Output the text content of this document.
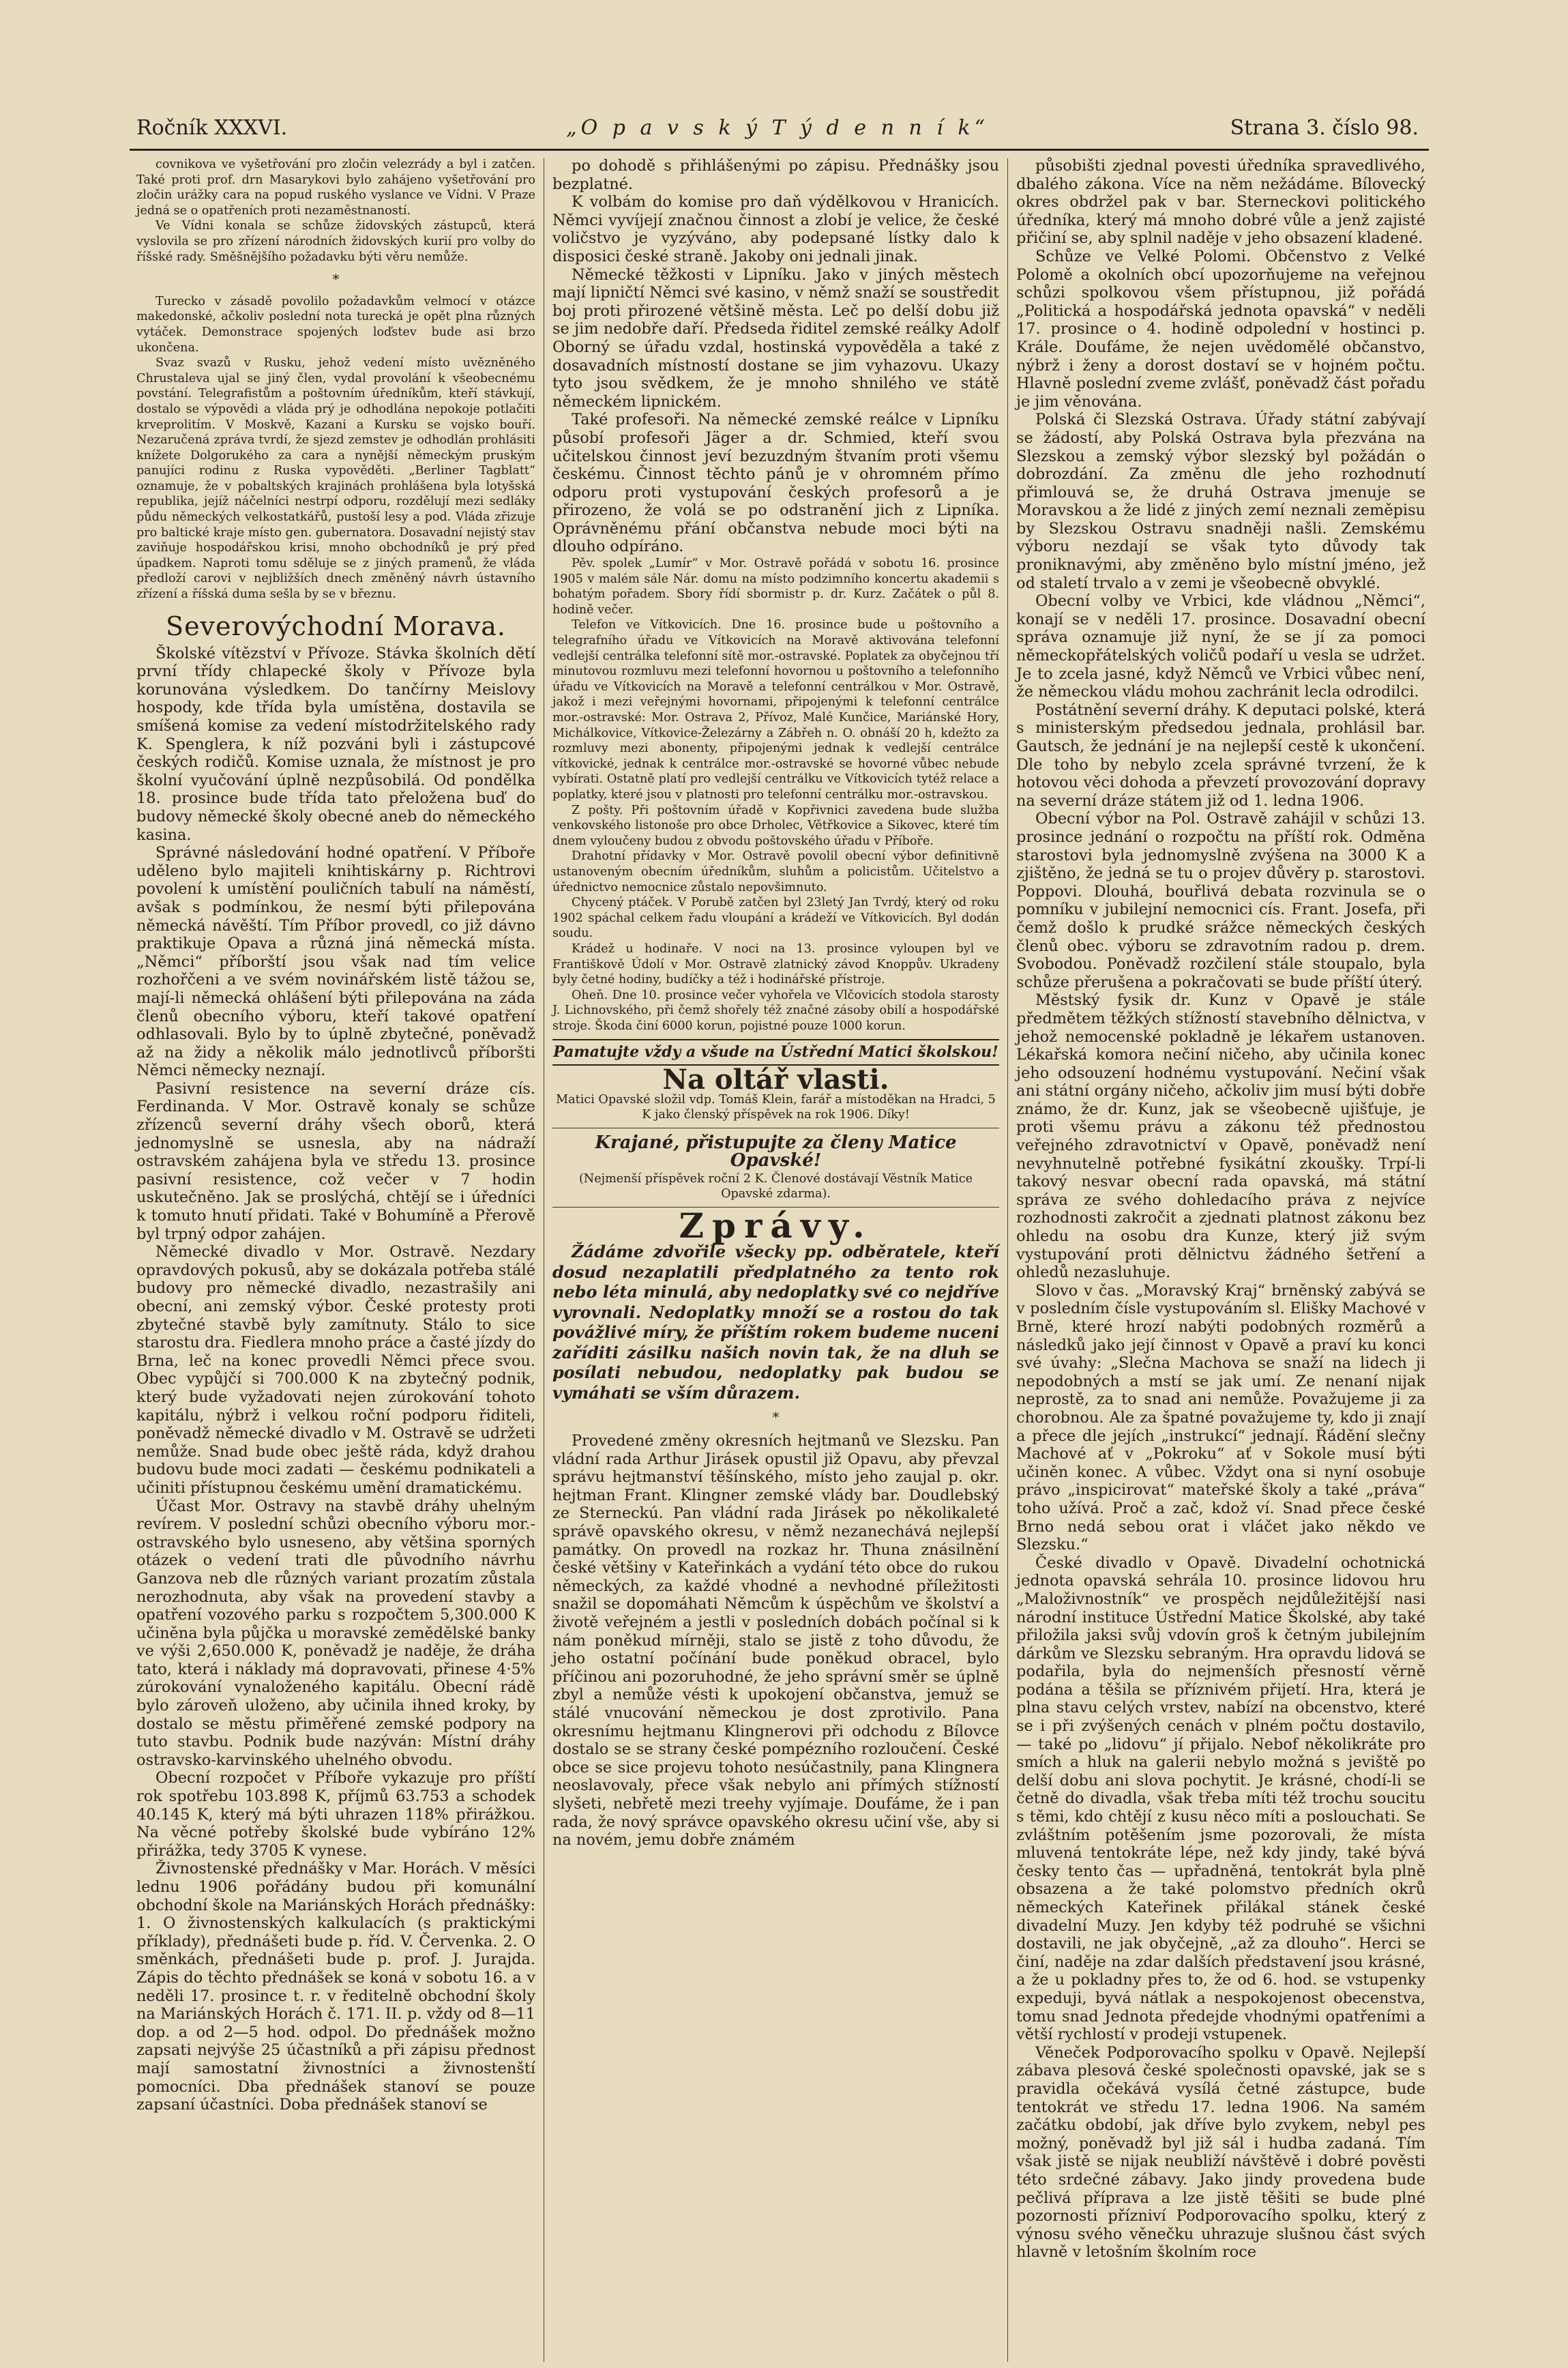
Ročník XXXVI.	„O p a v s k ý T ý d e n n í k“	Strana 3. číslo 98.

covnikova ve vyšetřování pro zločin velezrády a byl i zatčen. Také proti prof. drn Masarykovi bylo zahájeno vyšetřování pro zločin urážky cara na popud ruského vyslance ve Vídni. V Praze jedná se o opatřeních proti nezaměstnaností.

Ve Vídni konala se schůze židovských zástupců, která vyslovila se pro zřízení národních židovských kurií pro volby do říšské rady. Směšnějšího požadavku býti věru nemůže.

*

Turecko v zásadě povolilo požadavkům velmocí v otázce makedonské, ačkoliv poslední nota turecká je opět plna různých vytáček. Demonstrace spojených loďstev bude asi brzo ukončena.

Svaz svazů v Rusku, jehož vedení místo uvězněného Chrustaleva ujal se jiný člen, vydal provolání k všeobecnému povstání. Telegrafistům a poštovním úředníkům, kteří stávkují, dostalo se výpovědi a vláda prý je odhodlána nepokoje potlačiti krveprolitím. V Moskvě, Kazani a Kursku se vojsko bouří. Nezaručená zpráva tvrdí, že sjezd zemstev je odhodlán prohlásiti knížete Dolgorukého za cara a nynější německým pruským panujíci rodinu z Ruska vypověděti. „Berliner Tagblatt“ oznamuje, že v pobaltských krajinách prohlášena byla lotyšská republika, jejíž náčelníci nestrpí odporu, rozdělují mezi sedláky půdu německých velkostatkářů, pustoší lesy a pod. Vláda zřizuje pro baltické kraje místo gen. gubernatora. Dosavadní nejistý stav zaviňuje hospodářskou krisi, mnoho obchodníků je prý před úpadkem. Naproti tomu sděluje se z jiných pramenů, že vláda předloží carovi v nejbližších dnech změněný návrh ústavního zřízení a říšská duma sešla by se v březnu.

Severovýchodní Morava.

Školské vítězství v Přívoze. Stávka školních dětí první třídy chlapecké školy v Přívoze byla korunována výsledkem. Do tančírny Meislovy hospody, kde třída byla umístěna, dostavila se smíšená komise za vedení místodržitelského rady K. Spenglera, k níž pozváni byli i zástupcové českých rodičů. Komise uznala, že místnost je pro školní vyučování úplně nezpůsobilá. Od pondělka 18. prosince bude třída tato přeložena buď do budovy německé školy obecné aneb do německého kasina.

Správné následování hodné opatření. V Příboře uděleno bylo majiteli knihtiskárny p. Richtrovi povolení k umístění pouličních tabulí na náměstí, avšak s podmínkou, že nesmí býti přilepována německá návěští. Tím Příbor provedl, co již dávno praktikuje Opava a různá jiná německá místa. „Němci“ příborští jsou však nad tím velice rozhořčeni a ve svém novinářském listě tážou se, mají-li německá ohlášení býti přilepována na záda členů obecního výboru, kteří takové opatření odhlasovali. Bylo by to úplně zbytečné, poněvadž až na židy a několik málo jednotlivců příboršti Němci německy neznají.

Pasivní resistence na severní dráze cís. Ferdinanda. V Mor. Ostravě konaly se schůze zřízenců severní dráhy všech oborů, která jednomyslně se usnesla, aby na nádraží ostravském zahájena byla ve středu 13. prosince pasivní resistence, což večer v 7 hodin uskutečněno. Jak se proslýchá, chtějí se i úředníci k tomuto hnutí přidati. Také v Bohumíně a Přerově byl trpný odpor zahájen.

Německé divadlo v Mor. Ostravě. Nezdary opravdových pokusů, aby se dokázala potřeba stálé budovy pro německé divadlo, nezastrašily ani obecní, ani zemský výbor. České protesty proti zbytečné stavbě byly zamítnuty. Stálo to sice starostu dra. Fiedlera mnoho práce a časté jízdy do Brna, leč na konec provedli Němci přece svou. Obec vypůjčí si 700.000 K na zbytečný podnik, který bude vyžadovati nejen zúrokování tohoto kapitálu, nýbrž i velkou roční podporu řiditeli, poněvadž německé divadlo v M. Ostravě se udržeti nemůže. Snad bude obec ještě ráda, když drahou budovu bude moci zadati — českému podnikateli a učiniti přístupnou českému umění dramatickému.

Účast Mor. Ostravy na stavbě dráhy uhelným revírem. V poslední schůzi obecního výboru mor.-ostravského bylo usneseno, aby většina sporných otázek o vedení trati dle původního návrhu Ganzova neb dle různých variant prozatím zůstala nerozhodnuta, aby však na provedení stavby a opatření vozového parku s rozpočtem 5,300.000 K učiněna byla půjčka u moravské zemědělské banky ve výši 2,650.000 K, poněvadž je naděje, že dráha tato, která i náklady má dopravovati, přinese 4·5% zúrokování vynaloženého kapitálu. Obecní rádě bylo zároveň uloženo, aby učinila ihned kroky, by dostalo se městu přiměřené zemské podpory na tuto stavbu. Podnik bude nazýván: Místní dráhy ostravsko-karvinského uhelného obvodu.

Obecní rozpočet v Příboře vykazuje pro příští rok spotřebu 103.898 K, příjmů 63.753 a schodek 40.145 K, který má býti uhrazen 118% přirážkou. Na věcné potřeby školské bude vybíráno 12% přirážka, tedy 3705 K vynese.

Živnostenské přednášky v Mar. Horách. V měsíci lednu 1906 pořádány budou při komunální obchodní škole na Mariánských Horách přednášky: 1. O živnostenských kalkulacích (s praktickými příklady), přednášeti bude p. říd. V. Červenka. 2. O směnkách, přednášeti bude p. prof. J. Jurajda. Zápis do těchto přednášek se koná v sobotu 16. a v neděli 17. prosince t. r. v ředitelně obchodní školy na Mariánských Horách č. 171. II. p. vždy od 8—11 dop. a od 2—5 hod. odpol. Do přednášek možno zapsati nejvýše 25 účastníků a při zápisu přednost mají samostatní živnostníci a živnostenští pomocníci. Dba přednášek stanoví se pouze zapsaní účastníci. Doba přednášek stanoví se

po dohodě s přihlášenými po zápisu. Přednášky jsou bezplatné.

K volbám do komise pro daň výdělkovou v Hranicích. Němci vyvíjejí značnou činnost a zlobí je velice, že české voličstvo je vyzýváno, aby podepsané lístky dalo k disposici české straně. Jakoby oni jednali jinak.

Německé těžkosti v Lipníku. Jako v jiných městech mají lipničtí Němci své kasino, v němž snaží se soustředit boj proti přirozené většině města. Leč po delší dobu již se jim nedobře daří. Předseda řiditel zemské reálky Adolf Oborný se úřadu vzdal, hostinská vypověděla a také z dosavadních místností dostane se jim vyhazovu. Ukazy tyto jsou svědkem, že je mnoho shnilého ve státě německém lipnickém.

Také profesoři. Na německé zemské reálce v Lipníku působí profesoři Jäger a dr. Schmied, kteří svou učitelskou činnost jeví bezuzdným štvaním proti všemu českému. Činnost těchto pánů je v ohromném přímo odporu proti vystupování českých profesorů a je přirozeno, že volá se po odstranění jich z Lipníka. Oprávněnému přání občanstva nebude moci býti na dlouho odpíráno.

Pěv. spolek „Lumír“ v Mor. Ostravě pořádá v sobotu 16. prosince 1905 v malém sále Nár. domu na místo podzimního koncertu akademii s bohatým pořadem. Sbory řídí sbormistr p. dr. Kurz. Začátek o půl 8. hodině večer.

Telefon ve Vítkovicích. Dne 16. prosince bude u poštovního a telegrafního úřadu ve Vítkovicích na Moravě aktivována telefonní vedlejší centrálka telefonní sítě mor.-ostravské. Poplatek za obyčejnou tří minutovou rozmluvu mezi telefonní hovornou u poštovního a telefonního úřadu ve Vítkovicích na Moravě a telefonní centrálkou v Mor. Ostravě, jakož i mezi veřejnými hovornami, připojenými k telefonní centrálce mor.-ostravské: Mor. Ostrava 2, Přívoz, Malé Kunčice, Mariánské Hory, Michálkovice, Vítkovice-Železárny a Zábřeh n. O. obnáší 20 h, kdežto za rozmluvy mezi abonenty, připojenými jednak k vedlejší centrálce vítkovické, jednak k centrálce mor.-ostravské se hovorné vůbec nebude vybírati. Ostatně platí pro vedlejší centrálku ve Vítkovicích tytéž relace a poplatky, které jsou v platnosti pro telefonní centrálku mor.-ostravskou.

Z pošty. Při poštovním úřadě v Kopřivnici zavedena bude služba venkovského listonoše pro obce Drholec, Větřkovice a Sikovec, které tím dnem vyloučeny budou z obvodu poštovského úřadu v Příboře.

Drahotní přídavky v Mor. Ostravě povolil obecní výbor definitivně ustanoveným obecním úředníkům, sluhům a policistům. Učitelstvo a úřednictvo nemocnice zůstalo nepovšimnuto.

Chycený ptáček. V Porubě zatčen byl 23letý Jan Tvrdý, který od roku 1902 spáchal celkem řadu vloupání a krádeží ve Vítkovicích. Byl dodán soudu.

Krádež u hodinaře. V noci na 13. prosince vyloupen byl ve Františkově Údolí v Mor. Ostravě zlatnický závod Knoppův. Ukradeny byly četné hodiny, budíčky a též i hodinářské přístroje.

Oheň. Dne 10. prosince večer vyhořela ve Vlčovicích stodola starosty J. Lichnovského, při čemž shořely též značné zásoby obilí a hospodářské stroje. Škoda činí 6000 korun, pojistné pouze 1000 korun.

Pamatujte vždy a všude na Ústřední Matici školskou!
Na oltář vlasti.
Matici Opavské složil vdp. Tomáš Klein, farář a místoděkan na Hradci, 5 K jako členský příspěvek na rok 1906. Díky!
Krajané, přistupujte za členy Matice Opavské!
(Nejmenší příspěvek roční 2 K. Členové dostávají Věstník Matice Opavské zdarma).
Zprávy.

Žádáme zdvořile všecky pp. odběratele, kteří dosud nezaplatili předplatného za tento rok nebo léta minulá, aby nedoplatky své co nejdříve vyrovnali. Nedoplatky množí se a rostou do tak povážlivé míry, že příštím rokem budeme nuceni zaříditi zásilku našich novin tak, že na dluh se posílati nebudou, nedoplatky pak budou se vymáhati se vším důrazem.

*

Provedené změny okresních hejtmanů ve Slezsku. Pan vládní rada Arthur Jirásek opustil již Opavu, aby převzal správu hejtmanství těšínského, místo jeho zaujal p. okr. hejtman Frant. Klingner zemské vlády bar. Doudlebský ze Sterneckú. Pan vládní rada Jirásek po několikaleté správě opavského okresu, v němž nezanechává nejlepší památky. On provedl na rozkaz hr. Thuna znásilnění české většiny v Kateřinkách a vydání této obce do rukou německých, za každé vhodné a nevhodné příležitosti snažil se dopomáhati Němcům k úspěchům ve školství a životě veřejném a jestli v posledních dobách počínal si k nám poněkud mírněji, stalo se jistě z toho důvodu, že jeho ostatní počínání bude poněkud obracel, bylo příčinou ani pozoruhodné, že jeho správní směr se úplně zbyl a nemůže vésti k upokojení občanstva, jemuž se stálé vnucování německou je dost zprotivilo. Pana okresnímu hejtmanu Klingnerovi při odchodu z Bílovce dostalo se se strany české pompézního rozloučení. České obce se sice projevu tohoto nesúčastnily, pana Klingnera neoslavovaly, přece však nebylo ani přímých stížností slyšeti, nebřetě mezi treehy vyjímaje. Doufáme, že i pan rada, že nový správce opavského okresu učiní vše, aby si na novém, jemu dobře známém

působišti zjednal povesti úředníka spravedlivého, dbalého zákona. Více na něm nežádáme. Bílovecký okres obdržel pak v bar. Sterneckovi politického úředníka, který má mnoho dobré vůle a jenž zajisté přičiní se, aby splnil naděje v jeho obsazení kladené.

Schůze ve Velké Polomi. Občenstvo z Velké Polomě a okolních obcí upozorňujeme na veřejnou schůzi spolkovou všem přístupnou, již pořádá „Politická a hospodářská jednota opavská“ v neděli 17. prosince o 4. hodině odpolední v hostinci p. Krále. Doufáme, že nejen uvědomělé občanstvo, nýbrž i ženy a dorost dostaví se v hojném počtu. Hlavně poslední zveme zvlášť, poněvadž část pořadu je jim věnována.

Polská či Slezská Ostrava. Úřady státní zabývají se žádostí, aby Polská Ostrava byla přezvána na Slezskou a zemský výbor slezský byl požádán o dobrozdání. Za změnu dle jeho rozhodnutí přimlouvá se, že druhá Ostrava jmenuje se Moravskou a že lidé z jiných zemí neznali zeměpisu by Slezskou Ostravu snadněji našli. Zemskému výboru nezdají se však tyto důvody tak proniknavými, aby změněno bylo místní jméno, jež od staletí trvalo a v zemi je všeobecně obvyklé.

Obecní volby ve Vrbici, kde vládnou „Němci“, konají se v neděli 17. prosince. Dosavadní obecní správa oznamuje již nyní, že se jí za pomoci německopřátelských voličů podaří u vesla se udržet. Je to zcela jasné, když Němců ve Vrbici vůbec není, že německou vládu mohou zachránit lecla odrodilci.

Postátnění severní dráhy. K deputaci polské, která s ministerským předsedou jednala, prohlásil bar. Gautsch, že jednání je na nejlepší cestě k ukončení. Dle toho by nebylo zcela správné tvrzení, že k hotovou věci dohoda a převzetí provozování dopravy na severní dráze státem již od 1. ledna 1906.

Obecní výbor na Pol. Ostravě zahájil v schůzi 13. prosince jednání o rozpočtu na příští rok. Odměna starostovi byla jednomyslně zvýšena na 3000 K a zjištěno, že jedná se tu o projev důvěry p. starostovi. Poppovi. Dlouhá, bouřlivá debata rozvinula se o pomníku v jubilejní nemocnici cís. Frant. Josefa, při čemž došlo k prudké srážce německých českých členů obec. výboru se zdravotním radou p. drem. Svobodou. Poněvadž rozčilení stále stoupalo, byla schůze přerušena a pokračovati se bude příští úterý.

Městský fysik dr. Kunz v Opavě je stále předmětem těžkých stížností stavebního dělnictva, v jehož nemocenské pokladně je lékařem ustanoven. Lékařská komora nečiní ničeho, aby učinila konec jeho odsouzení hodnému vystupování. Nečiní však ani státní orgány ničeho, ačkoliv jim musí býti dobře známo, že dr. Kunz, jak se všeobecně ujišťuje, je proti všemu právu a zákonu též přednostou veřejného zdravotnictví v Opavě, poněvadž není nevyhnutelně potřebné fysikátní zkoušky. Trpí-li takový nesvar obecní rada opavská, má státní správa ze svého dohledacího práva z nejvíce rozhodnosti zakročit a zjednati platnost zákonu bez ohledu na osobu dra Kunze, který již svým vystupování proti dělnictvu žádného šetření a ohledů nezasluhuje.

Slovo v čas. „Moravský Kraj“ brněnský zabývá se v posledním čísle vystupováním sl. Elišky Machové v Brně, které hrozí nabýti podobných rozměrů a následků jako její činnost v Opavě a praví ku konci své úvahy: „Slečna Machova se snaží na lidech ji nepodobných a mstí se jak umí. Ze nenaní nijak neprostě, za to snad ani nemůže. Považujeme ji za chorobnou. Ale za špatné považujeme ty, kdo ji znají a přece dle jejích „instrukcí“ jednají. Řádění slečny Machové ať v „Pokroku“ ať v Sokole musí býti učiněn konec. A vůbec. Vždyt ona si nyní osobuje právo „inspicirovat“ mateřské školy a také „práva“ toho užívá. Proč a zač, kdož ví. Snad přece české Brno nedá sebou orat i vláčet jako někdo ve Slezsku.“

České divadlo v Opavě. Divadelní ochotnická jednota opavská sehrála 10. prosince lidovou hru „Maloživnostník“ ve prospěch nejdůležitější nasi národní instituce Ústřední Matice Školské, aby také přiložila jaksi svůj vdovín groš k četným jubilejním dárkům ve Slezsku sebraným. Hra opravdu lidová se podařila, byla do nejmenších přesností věrně podána a těšila se příznivém přijetí. Hra, která je plna stavu celých vrstev, nabízí na obcenstvo, které se i při zvýšených cenách v plném počtu dostavilo, — také po „lidovu“ jí přijalo. Nebof několikráte pro smích a hluk na galerii nebylo možná s jeviště po delší dobu ani slova pochytit. Je krásné, chodí-li se četně do divadla, však třeba míti též trochu soucitu s těmi, kdo chtějí z kusu něco míti a poslouchati. Se zvláštním potěšením jsme pozorovali, že místa mluvená tentokráte lépe, než kdy jindy, také bývá česky tento čas — upřadněná, tentokrát byla plně obsazena a že také polomstvo předních okrů německých Kateřinek přilákal stánek české divadelní Muzy. Jen kdyby též podruhé se všichni dostavili, ne jak obyčejně, „až za dlouho“. Herci se činí, naděje na zdar dalších představení jsou krásné, a že u pokladny přes to, že od 6. hod. se vstupenky expeduji, byvá nátlak a nespokojenost obecenstva, tomu snad Jednota předejde vhodnými opatřeními a větší rychlostí v prodeji vstupenek.

Věneček Podporovacího spolku v Opavě. Nejlepší zábava plesová české společnosti opavské, jak se s pravidla očekává vysílá četné zástupce, bude tentokrát ve středu 17. ledna 1906. Na samém začátku období, jak dříve bylo zvykem, nebyl pes možný, poněvadž byl již sál i hudba zadaná. Tím však jistě se nijak neubliží návštěvě i dobré pověsti této srdečné zábavy. Jako jindy provedena bude pečlivá příprava a lze jistě těšiti se bude plné pozornosti přízniví Podporovacího spolku, který z výnosu svého věnečku uhrazuje slušnou část svých hlavně v letošním školním roce
